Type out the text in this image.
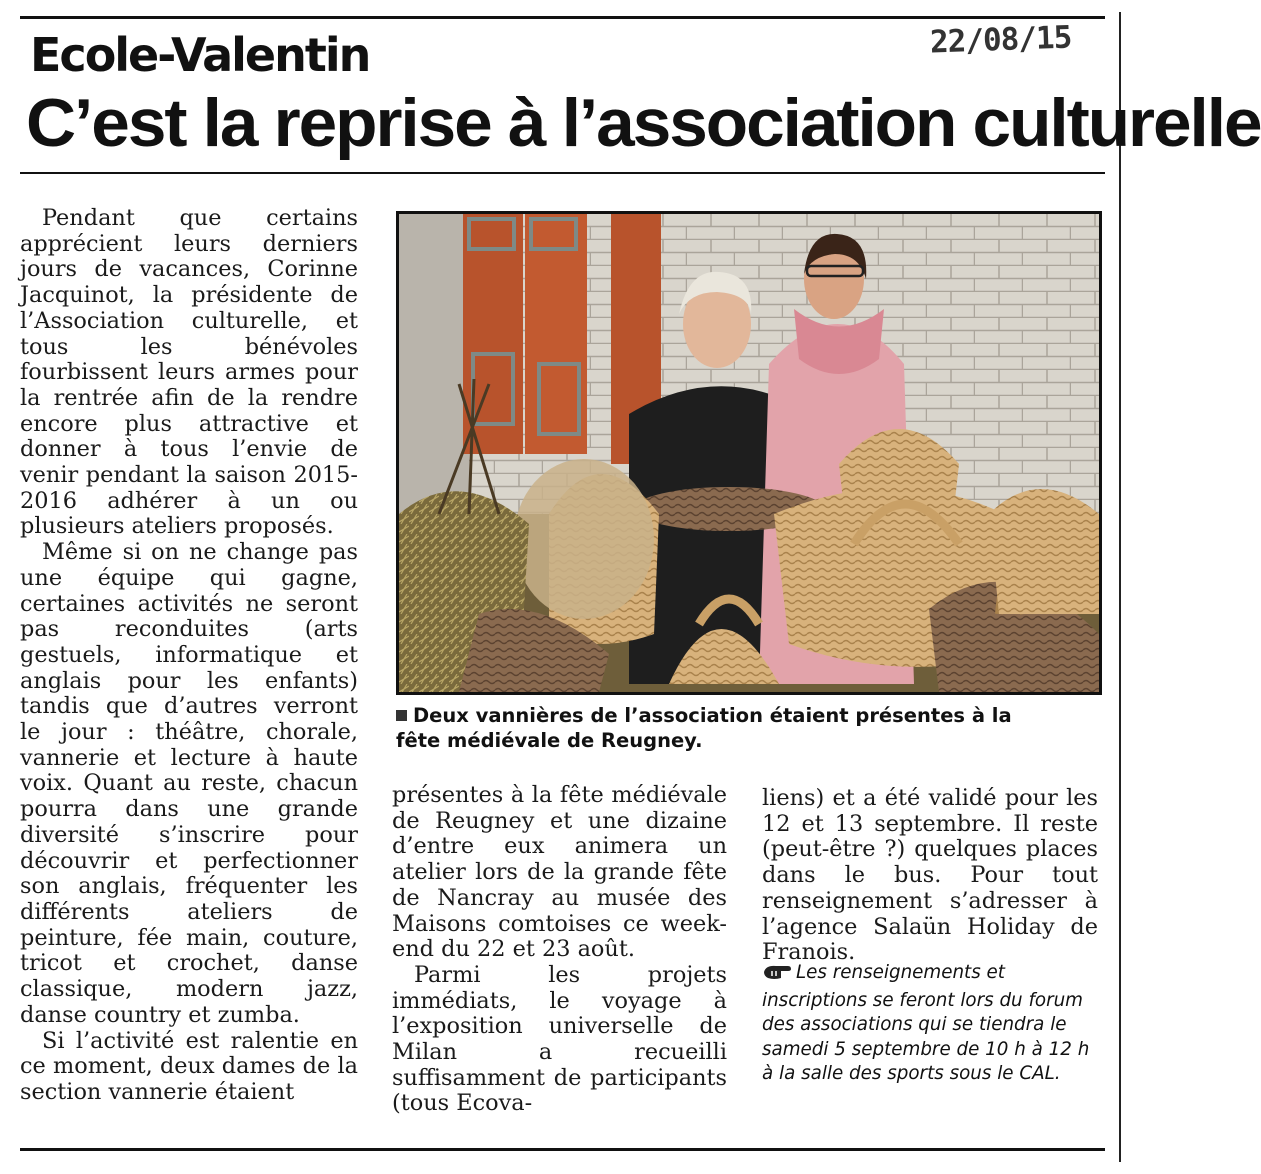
22/08/15
Ecole-Valentin
C’est la reprise à l’association culturelle

Pendant que certains apprécient leurs derniers jours de vacances, Corinne Jacquinot, la présidente de l’Association culturelle, et tous les bénévoles fourbissent leurs armes pour la rentrée afin de la rendre encore plus attractive et donner à tous l’envie de venir pendant la saison 2015-2016 adhérer à un ou plusieurs ateliers proposés.

Même si on ne change pas une équipe qui gagne, certaines activités ne seront pas reconduites (arts gestuels, informatique et anglais pour les enfants) tandis que d’autres verront le jour : théâtre, chorale, vannerie et lecture à haute voix. Quant au reste, chacun pourra dans une grande diversité s’inscrire pour découvrir et perfectionner son anglais, fréquenter les différents ateliers de peinture, fée main, couture, tricot et crochet, danse classique, modern jazz, danse country et zumba.

Si l’activité est ralentie en ce moment, deux dames de la section vannerie étaient

présentes à la fête médiévale de Reugney et une dizaine d’entre eux animera un atelier lors de la grande fête de Nancray au musée des Maisons comtoises ce week-end du 22 et 23 août.

Parmi les projets immédiats, le voyage à l’exposition universelle de Milan a recueilli suffisamment de participants (tous Ecova-

liens) et a été validé pour les 12 et 13 septembre. Il reste (peut-être ?) quelques places dans le bus. Pour tout renseignement s’adresser à l’agence Salaün Holiday de Franois.

Deux vannières de l’association étaient présentes à la fête médiévale de Reugney.
Les renseignements et inscriptions se feront lors du forum des associations qui se tiendra le samedi 5 septembre de 10 h à 12 h à la salle des sports sous le CAL.
